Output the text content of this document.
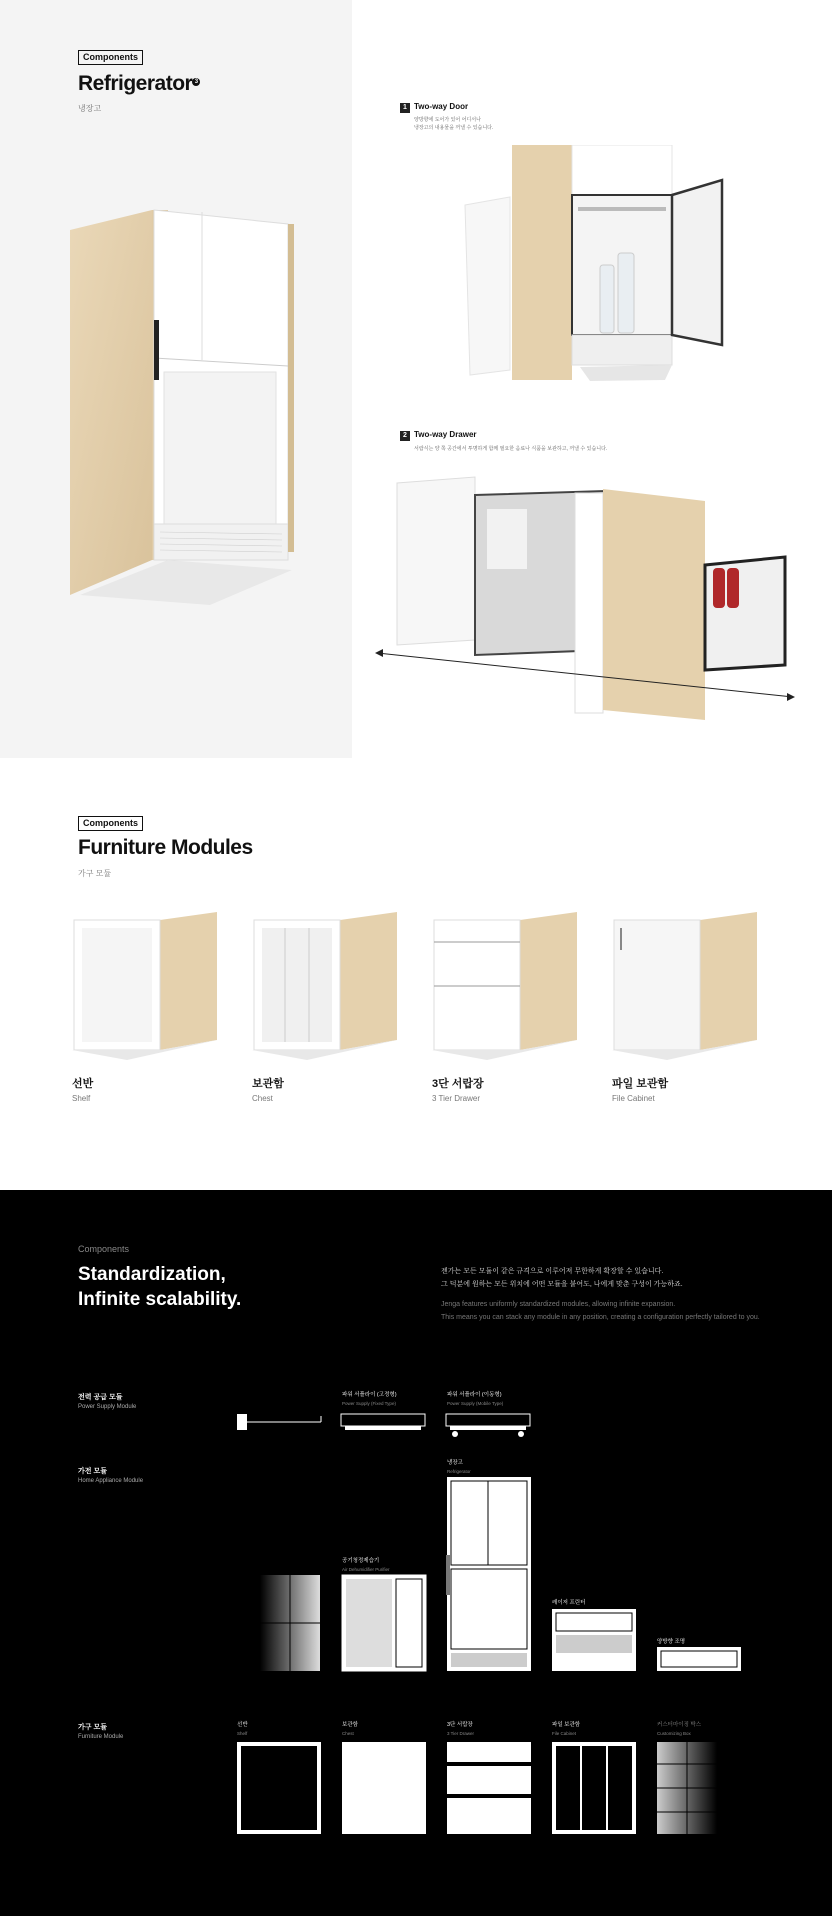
Components
Refrigerator $^3$
냉장고	1 Two-way Door
양방향에 도어가 있어 어디서나
냉장고의 내용물을 꺼낼 수 있습니다.
2 Two-way Drawer
서랍식는 양 쪽 공간에서 투명하게 함께 필요한 음료나 식품을 보관하고, 꺼낼 수 있습니다.
Components
Furniture Modules
가구 모듈
선반
Shelf
보관함
Chest
3단 서랍장
3 Tier Drawer
파일 보관함
File Cabinet
Components
Standardization,
Infinite scalability.
젠가는 모든 모듈이 같은 규격으로 이루어져 무한하게 확장할 수 있습니다.
그 덕분에 원하는 모든 위치에 어떤 모듈을 붙여도, 나에게 맞춘 구성이 가능하죠.
Jenga features uniformly standardized modules, allowing infinite expansion.
This means you can stack any module in any position, creating a configuration perfectly tailored to you.
전력 공급 모듈
Power Supply Module
가전 모듈
Home Appliance Module
가구 모듈
Furniture Module
파워 서플라이 (고정형)
Power Supply (Fixed Type)
파워 서플라이 (이동형)
Power Supply (Mobile Type)
냉장고
Refrigerator
공기청정제습기
Air Dehumidifier Purifier
레이저 프린터
양방향 조명
선반
Shelf
보관함
Chest
3단 서랍장
3 Tier Drawer
파일 보관함
File Cabinet
커스터마이징 박스
Customizing Box
